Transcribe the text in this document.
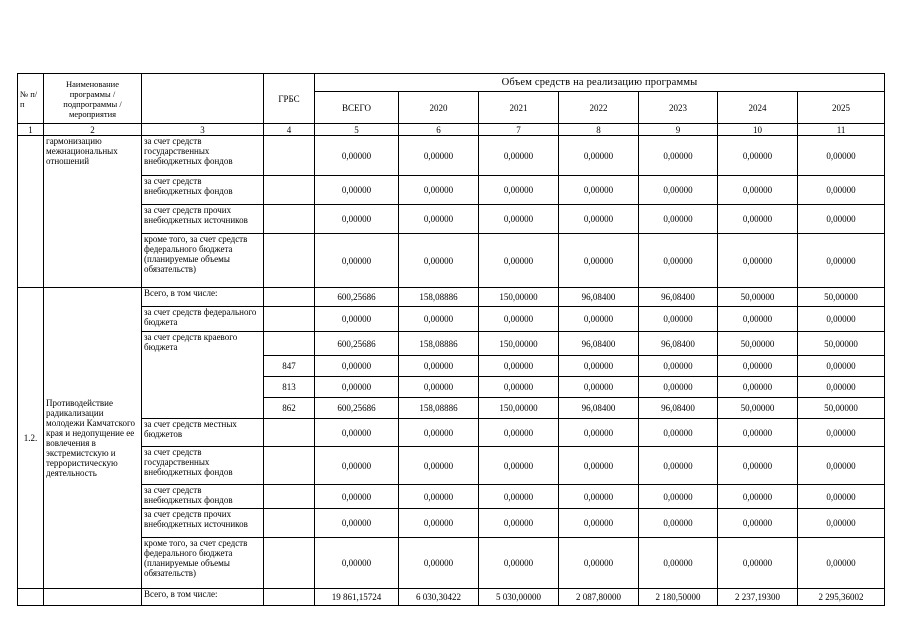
№ п/п	Наименование программы / подпрограммы / мероприятия		ГРБС	Объем средств на реализацию программы						
				ВСЕГО	2020	2021	2022	2023	2024	2025
1	2	3	4	5	6	7	8	9	10	11
	гармонизацию межнациональных отношений	за счет средств государственных внебюджетных фондов		0,00000	0,00000	0,00000	0,00000	0,00000	0,00000	0,00000
		за счет средств внебюджетных фондов		0,00000	0,00000	0,00000	0,00000	0,00000	0,00000	0,00000
		за счет средств прочих внебюджетных источников		0,00000	0,00000	0,00000	0,00000	0,00000	0,00000	0,00000
		кроме того, за счет средств федерального бюджета (планируемые объемы обязательств)		0,00000	0,00000	0,00000	0,00000	0,00000	0,00000	0,00000
1.2.	Противодействие радикализации молодежи Камчатского края и недопущение ее вовлечения в экстремистскую и террористическую деятельность	Всего, в том числе:		600,25686	158,08886	150,00000	96,08400	96,08400	50,00000	50,00000
		за счет средств федерального бюджета		0,00000	0,00000	0,00000	0,00000	0,00000	0,00000	0,00000
		за счет средств краевого бюджета		600,25686	158,08886	150,00000	96,08400	96,08400	50,00000	50,00000
			847	0,00000	0,00000	0,00000	0,00000	0,00000	0,00000	0,00000
			813	0,00000	0,00000	0,00000	0,00000	0,00000	0,00000	0,00000
			862	600,25686	158,08886	150,00000	96,08400	96,08400	50,00000	50,00000
		за счет средств местных бюджетов		0,00000	0,00000	0,00000	0,00000	0,00000	0,00000	0,00000
		за счет средств государственных внебюджетных фондов		0,00000	0,00000	0,00000	0,00000	0,00000	0,00000	0,00000
		за счет средств внебюджетных фондов		0,00000	0,00000	0,00000	0,00000	0,00000	0,00000	0,00000
		за счет средств прочих внебюджетных источников		0,00000	0,00000	0,00000	0,00000	0,00000	0,00000	0,00000
		кроме того, за счет средств федерального бюджета (планируемые объемы обязательств)		0,00000	0,00000	0,00000	0,00000	0,00000	0,00000	0,00000
		Всего, в том числе:		19 861,15724	6 030,30422	5 030,00000	2 087,80000	2 180,50000	2 237,19300	2 295,36002
